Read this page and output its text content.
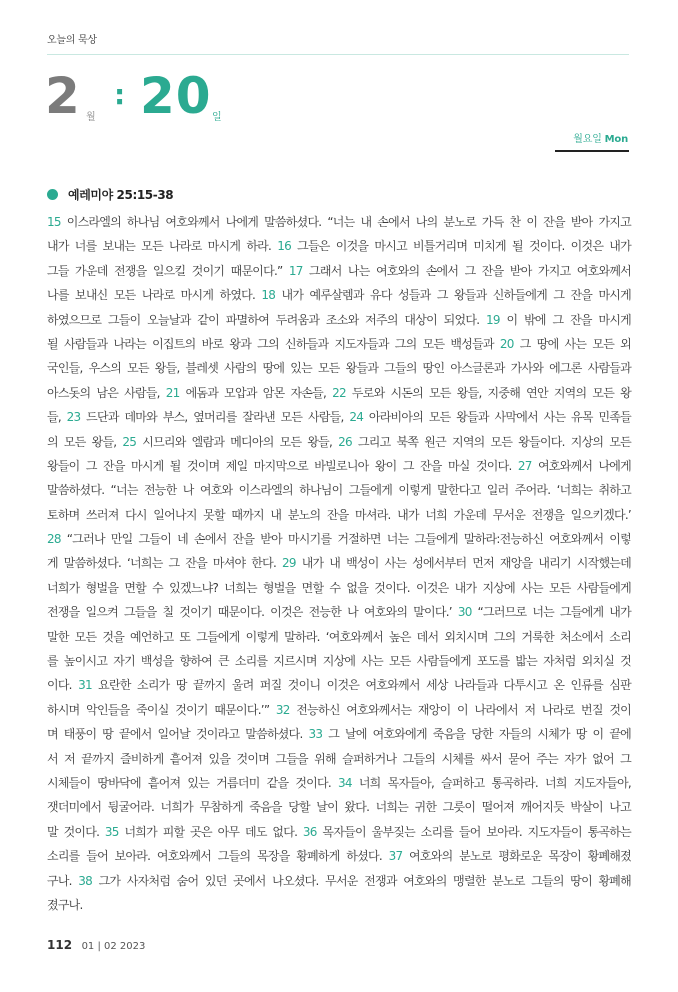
오늘의 묵상
2 월
: 20 일
월요일 Mon
예레미야 25:15-38
15 이스라엘의 하나님 여호와께서 나에게 말씀하셨다. “너는 내 손에서 나의 분노로 가득 찬 이 잔을 받아 가지고
내가 너를 보내는 모든 나라로 마시게 하라. 16 그들은 이것을 마시고 비틀거리며 미치게 될 것이다. 이것은 내가
그들 가운데 전쟁을 일으킬 것이기 때문이다.” 17 그래서 나는 여호와의 손에서 그 잔을 받아 가지고 여호와께서
나를 보내신 모든 나라로 마시게 하였다. 18 내가 예루살렘과 유다 성들과 그 왕들과 신하들에게 그 잔을 마시게
하였으므로 그들이 오늘날과 같이 파멸하여 두려움과 조소와 저주의 대상이 되었다. 19 이 밖에 그 잔을 마시게
될 사람들과 나라는 이집트의 바로 왕과 그의 신하들과 지도자들과 그의 모든 백성들과 20 그 땅에 사는 모든 외
국인들, 우스의 모든 왕들, 블레셋 사람의 땅에 있는 모든 왕들과 그들의 땅인 아스글론과 가사와 에그론 사람들과
아스돗의 남은 사람들, 21 에돔과 모압과 암몬 자손들, 22 두로와 시돈의 모든 왕들, 지중해 연안 지역의 모든 왕
들, 23 드단과 데마와 부스, 옆머리를 잘라낸 모든 사람들, 24 아라비아의 모든 왕들과 사막에서 사는 유목 민족들
의 모든 왕들, 25 시므리와 엘람과 메디아의 모든 왕들, 26 그리고 북쪽 원근 지역의 모든 왕들이다. 지상의 모든
왕들이 그 잔을 마시게 될 것이며 제일 마지막으로 바빌로니아 왕이 그 잔을 마실 것이다. 27 여호와께서 나에게
말씀하셨다. “너는 전능한 나 여호와 이스라엘의 하나님이 그들에게 이렇게 말한다고 일러 주어라. ‘너희는 취하고
토하며 쓰러져 다시 일어나지 못할 때까지 내 분노의 잔을 마셔라. 내가 너희 가운데 무서운 전쟁을 일으키겠다.’
28 “그러나 만일 그들이 네 손에서 잔을 받아 마시기를 거절하면 너는 그들에게 말하라:전능하신 여호와께서 이렇
게 말씀하셨다. ‘너희는 그 잔을 마셔야 한다. 29 내가 내 백성이 사는 성에서부터 먼저 재앙을 내리기 시작했는데
너희가 형벌을 면할 수 있겠느냐? 너희는 형벌을 면할 수 없을 것이다. 이것은 내가 지상에 사는 모든 사람들에게
전쟁을 일으켜 그들을 칠 것이기 때문이다. 이것은 전능한 나 여호와의 말이다.’ 30 “그러므로 너는 그들에게 내가
말한 모든 것을 예언하고 또 그들에게 이렇게 말하라. ‘여호와께서 높은 데서 외치시며 그의 거룩한 처소에서 소리
를 높이시고 자기 백성을 향하여 큰 소리를 지르시며 지상에 사는 모든 사람들에게 포도를 밟는 자처럼 외치실 것
이다. 31 요란한 소리가 땅 끝까지 울려 퍼질 것이니 이것은 여호와께서 세상 나라들과 다투시고 온 인류를 심판
하시며 악인들을 죽이실 것이기 때문이다.’” 32 전능하신 여호와께서는 재앙이 이 나라에서 저 나라로 번질 것이
며 태풍이 땅 끝에서 일어날 것이라고 말씀하셨다. 33 그 날에 여호와에게 죽음을 당한 자들의 시체가 땅 이 끝에
서 저 끝까지 즐비하게 흩어져 있을 것이며 그들을 위해 슬퍼하거나 그들의 시체를 싸서 묻어 주는 자가 없어 그
시체들이 땅바닥에 흩어져 있는 거름더미 같을 것이다. 34 너희 목자들아, 슬퍼하고 통곡하라. 너희 지도자들아,
잿더미에서 뒹굴어라. 너희가 무참하게 죽음을 당할 날이 왔다. 너희는 귀한 그릇이 떨어져 깨어지듯 박살이 나고
말 것이다. 35 너희가 피할 곳은 아무 데도 없다. 36 목자들이 울부짖는 소리를 들어 보아라. 지도자들이 통곡하는
소리를 들어 보아라. 여호와께서 그들의 목장을 황폐하게 하셨다. 37 여호와의 분노로 평화로운 목장이 황폐해졌
구나. 38 그가 사자처럼 숨어 있던 곳에서 나오셨다. 무서운 전쟁과 여호와의 맹렬한 분노로 그들의 땅이 황폐해
졌구나.
112 01 | 02 2023
